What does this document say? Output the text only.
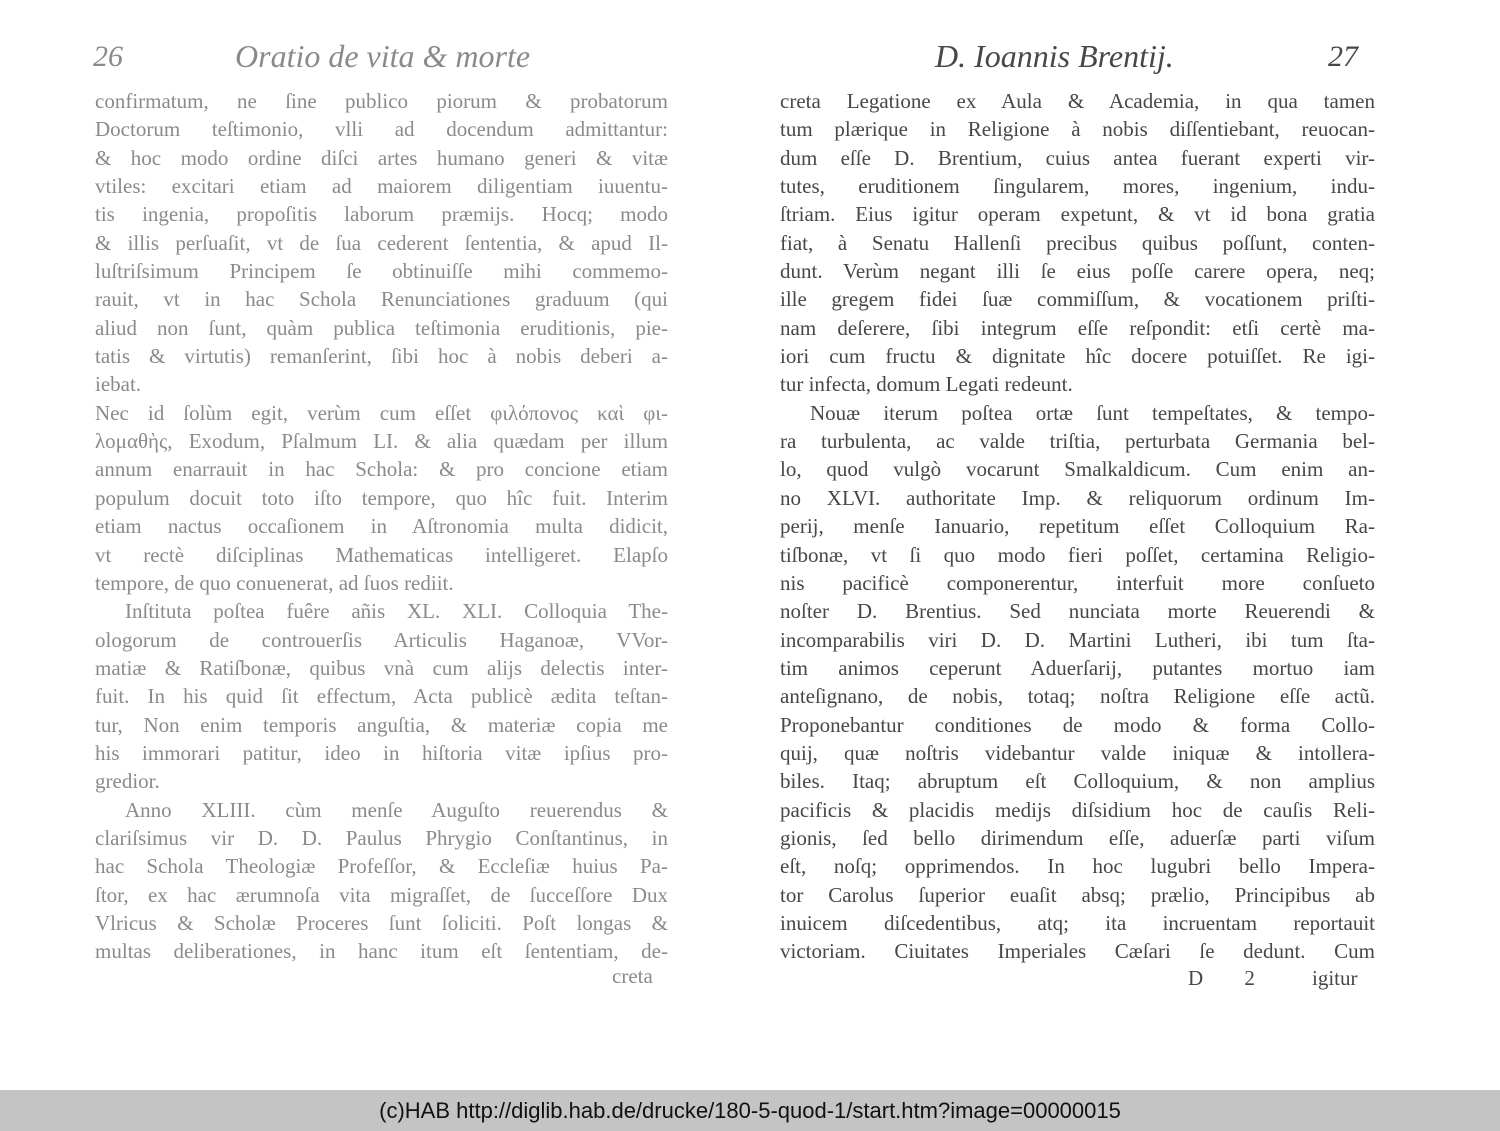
26	Oratio de vita & morte
confirmatum, ne ſine publico piorum & probatorum
Doctorum teſtimonio, vlli ad docendum admittantur:
& hoc modo ordine diſci artes humano generi & vitæ
vtiles: excitari etiam ad maiorem diligentiam iuuentu-
tis ingenia, propoſitis laborum præmijs. Hocq; modo
& illis perſuaſit, vt de ſua cederent ſententia, & apud Il-
luſtriſsimum Principem ſe obtinuiſſe mihi commemo-
rauit, vt in hac Schola Renunciationes graduum (qui
aliud non ſunt, quàm publica teſtimonia eruditionis, pie-
tatis & virtutis) remanſerint, ſibi hoc à nobis deberi a-
iebat.
Nec id ſolùm egit, verùm cum eſſet φιλόπονος καὶ φι-
λομαθὴς, Exodum, Pſalmum LI. & alia quædam per illum
annum enarrauit in hac Schola: & pro concione etiam
populum docuit toto iſto tempore, quo hîc fuit. Interim
etiam nactus occaſionem in Aſtronomia multa didicit,
vt rectè diſciplinas Mathematicas intelligeret. Elapſo
tempore, de quo conuenerat, ad ſuos rediit.
Inſtituta poſtea fuêre añis XL. XLI. Colloquia The-
ologorum de controuerſis Articulis Haganoæ, VVor-
matiæ & Ratiſbonæ, quibus vnà cum alijs delectis inter-
fuit. In his quid ſit effectum, Acta publicè ædita teſtan-
tur, Non enim temporis anguſtia, & materiæ copia me
his immorari patitur, ideo in hiſtoria vitæ ipſius pro-
gredior.
Anno XLIII. cùm menſe Auguſto reuerendus &
clariſsimus vir D. D. Paulus Phrygio Conſtantinus, in
hac Schola Theologiæ Profeſſor, & Eccleſiæ huius Pa-
ſtor, ex hac ærumnoſa vita migraſſet, de ſucceſſore Dux
Vlricus & Scholæ Proceres ſunt ſoliciti. Poſt longas &
multas deliberationes, in hanc itum eſt ſententiam, de-
creta
D. Ioannis Brentij.	27
creta Legatione ex Aula & Academia, in qua tamen
tum plærique in Religione à nobis diſſentiebant, reuocan-
dum eſſe D. Brentium, cuius antea fuerant experti vir-
tutes, eruditionem ſingularem, mores, ingenium, indu-
ſtriam. Eius igitur operam expetunt, & vt id bona gratia
fiat, à Senatu Hallenſi precibus quibus poſſunt, conten-
dunt. Verùm negant illi ſe eius poſſe carere opera, neq;
ille gregem fidei ſuæ commiſſum, & vocationem priſti-
nam deſerere, ſibi integrum eſſe reſpondit: etſi certè ma-
iori cum fructu & dignitate hîc docere potuiſſet. Re igi-
tur infecta, domum Legati redeunt.
Nouæ iterum poſtea ortæ ſunt tempeſtates, & tempo-
ra turbulenta, ac valde triſtia, perturbata Germania bel-
lo, quod vulgò vocarunt Smalkaldicum. Cum enim an-
no XLVI. authoritate Imp. & reliquorum ordinum Im-
perij, menſe Ianuario, repetitum eſſet Colloquium Ra-
tiſbonæ, vt ſi quo modo fieri poſſet, certamina Religio-
nis pacificè componerentur, interfuit more conſueto
noſter D. Brentius. Sed nunciata morte Reuerendi &
incomparabilis viri D. D. Martini Lutheri, ibi tum ſta-
tim animos ceperunt Aduerſarij, putantes mortuo iam
anteſignano, de nobis, totaq; noſtra Religione eſſe actũ.
Proponebantur conditiones de modo & forma Collo-
quij, quæ noſtris videbantur valde iniquæ & intollera-
biles. Itaq; abruptum eſt Colloquium, & non amplius
pacificis & placidis medijs diſsidium hoc de cauſis Reli-
gionis, ſed bello dirimendum eſſe, aduerſæ parti viſum
eſt, noſq; opprimendos. In hoc lugubri bello Impera-
tor Carolus ſuperior euaſit absq; prælio, Principibus ab
inuicem diſcedentibus, atq; ita incruentam reportauit
victoriam. Ciuitates Imperiales Cæſari ſe dedunt. Cum
D 2 igitur
(c)HAB http://diglib.hab.de/drucke/180-5-quod-1/start.htm?image=00000015
